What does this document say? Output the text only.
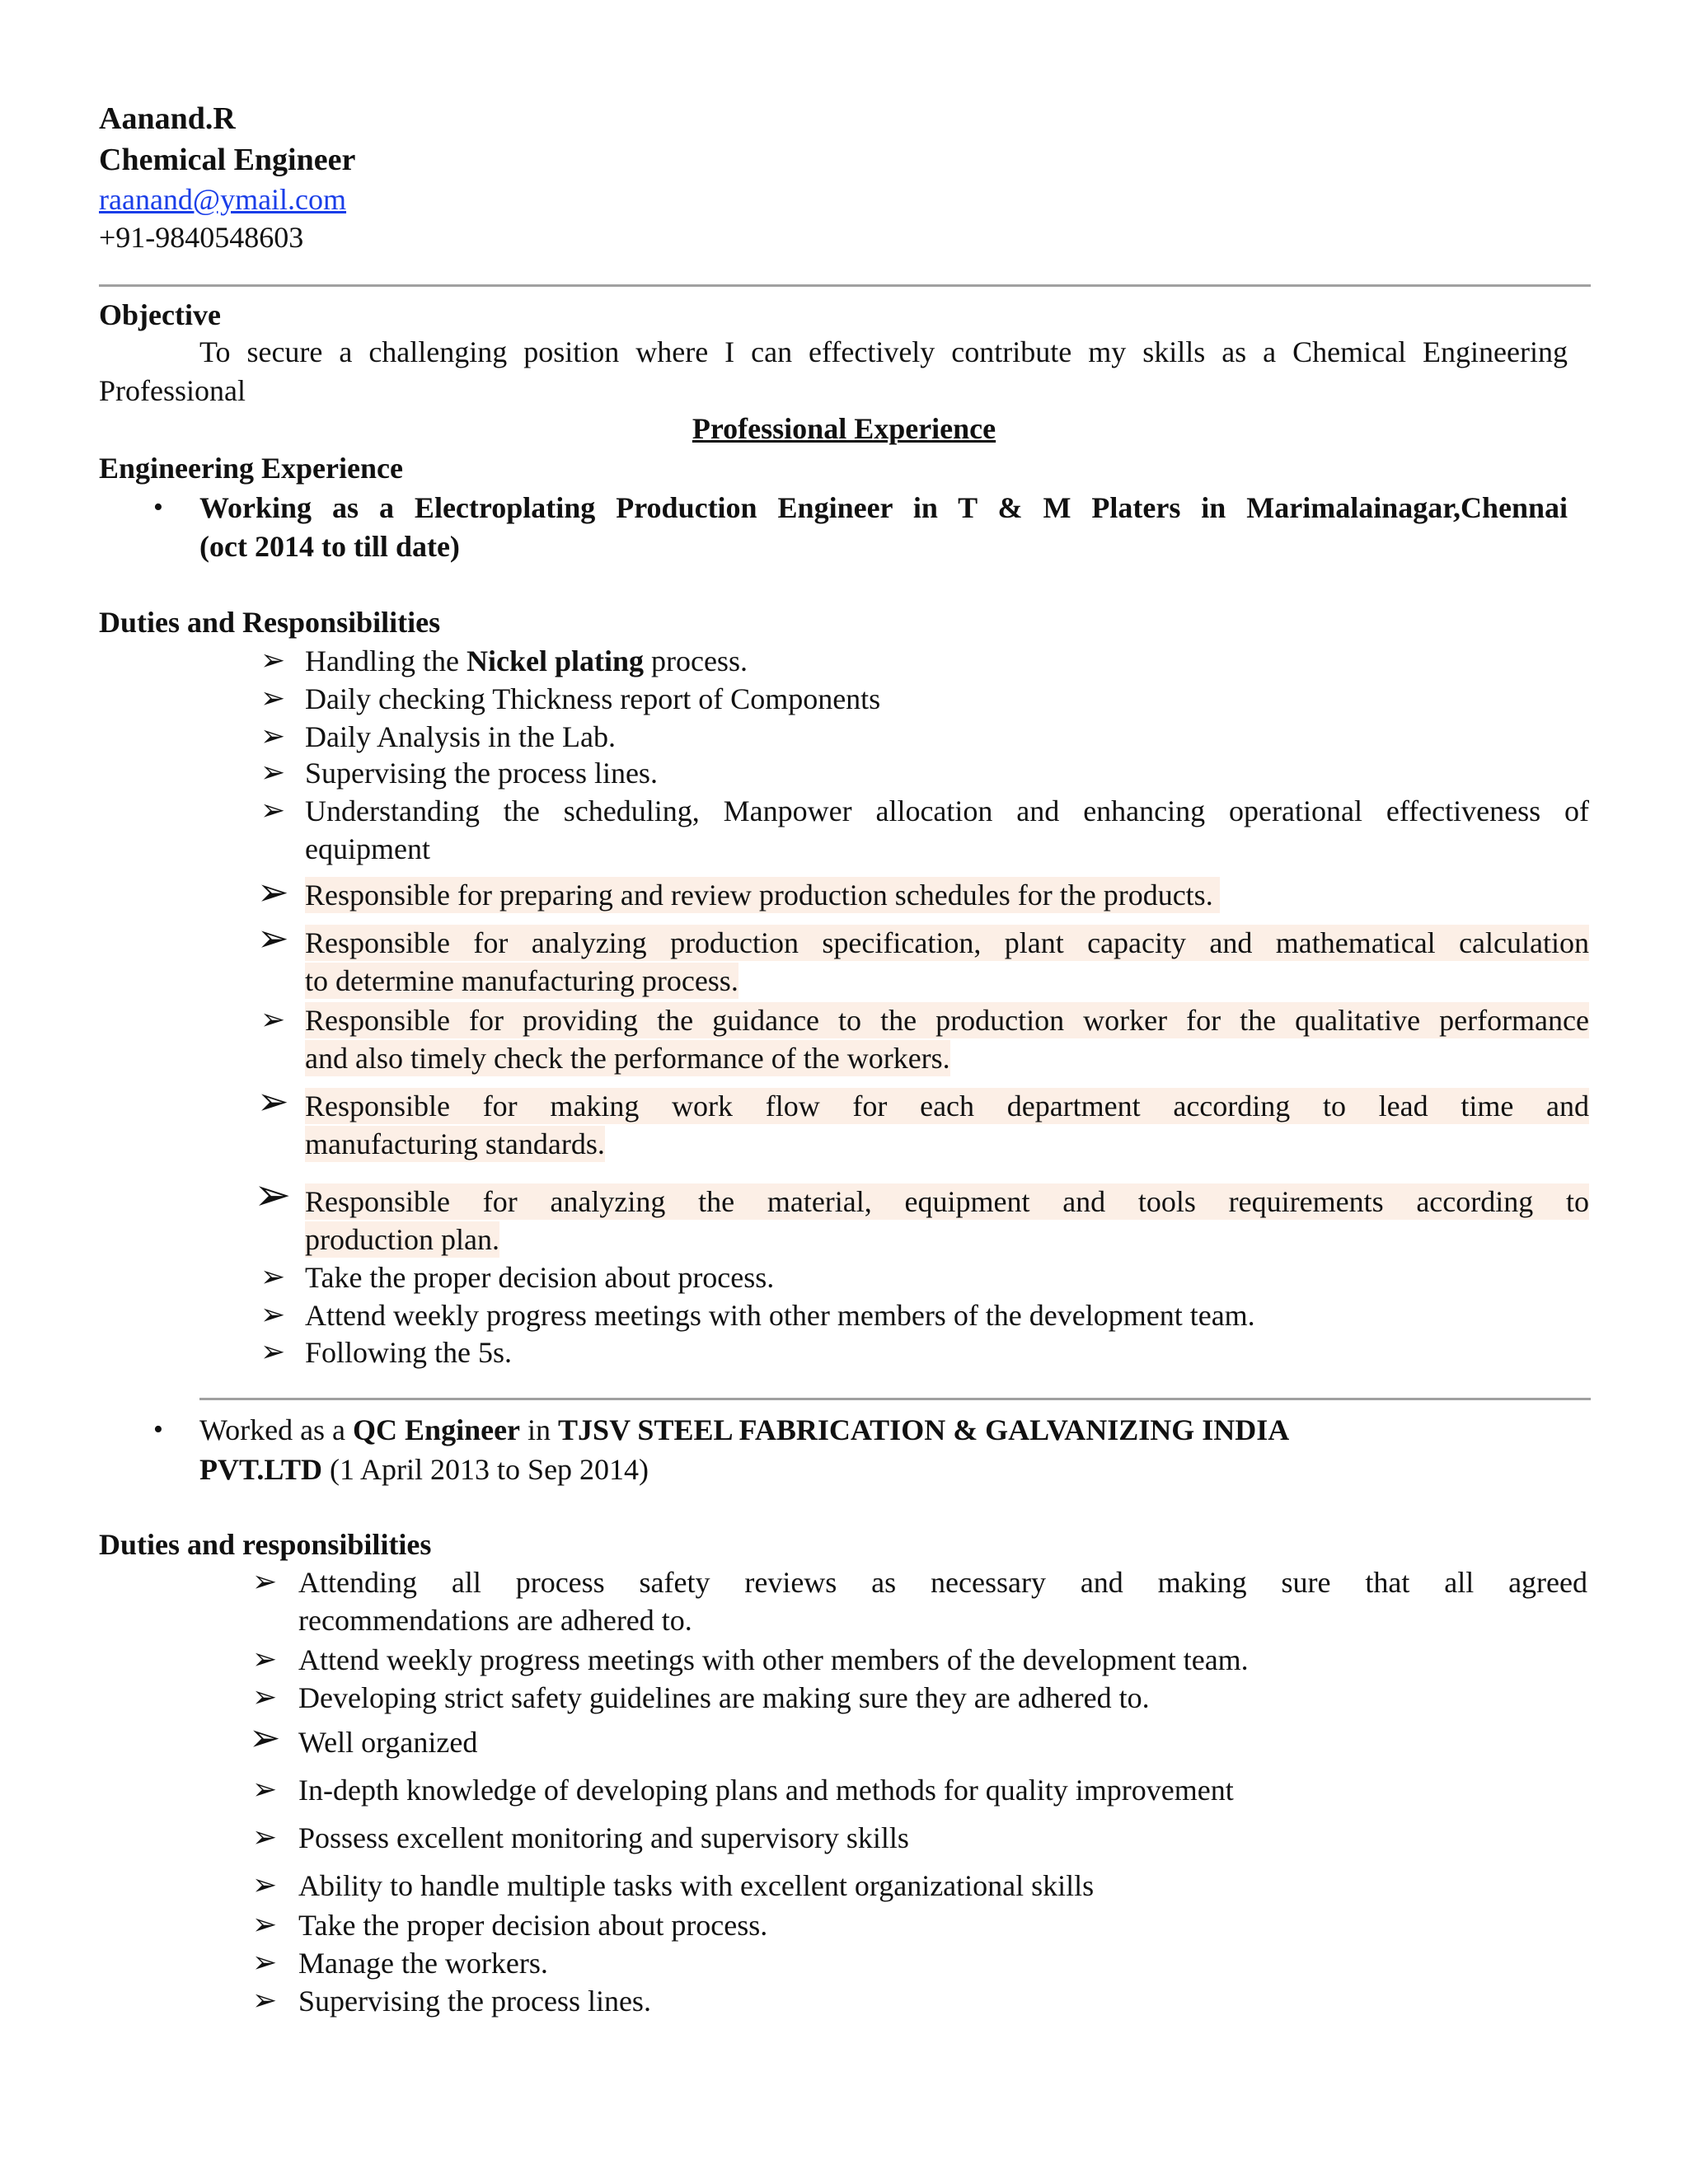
Aanand.R
Chemical Engineer
raanand@ymail.com
+91-9840548603
Objective
To secure a challenging position where I can effectively contribute my skills as a Chemical Engineering
Professional
Professional Experience
Engineering Experience
• Working as a Electroplating Production Engineer in T & M Platers in Marimalainagar,Chennai
(oct 2014 to till date)
Duties and Responsibilities
➢ Handling the Nickel plating process.
➢ Daily checking Thickness report of Components
➢ Daily Analysis in the Lab.
➢ Supervising the process lines.
➢ Understanding the scheduling, Manpower allocation and enhancing operational effectiveness of
equipment
➢ Responsible for preparing and review production schedules for the products.
➢ Responsible for analyzing production specification, plant capacity and mathematical calculation
to determine manufacturing process.
➢ Responsible for providing the guidance to the production worker for the qualitative performance
and also timely check the performance of the workers.
➢ Responsible for making work flow for each department according to lead time and
manufacturing standards.
➢ Responsible for analyzing the material, equipment and tools requirements according to
production plan.
➢ Take the proper decision about process.
➢ Attend weekly progress meetings with other members of the development team.
➢ Following the 5s.
• Worked as a QC Engineer in TJSV STEEL FABRICATION & GALVANIZING INDIA
PVT.LTD (1 April 2013 to Sep 2014)
Duties and responsibilities
➢ Attending all process safety reviews as necessary and making sure that all agreed
recommendations are adhered to.
➢ Attend weekly progress meetings with other members of the development team.
➢ Developing strict safety guidelines are making sure they are adhered to.
➢ Well organized
➢ In-depth knowledge of developing plans and methods for quality improvement
➢ Possess excellent monitoring and supervisory skills
➢ Ability to handle multiple tasks with excellent organizational skills
➢ Take the proper decision about process.
➢ Manage the workers.
➢ Supervising the process lines.
